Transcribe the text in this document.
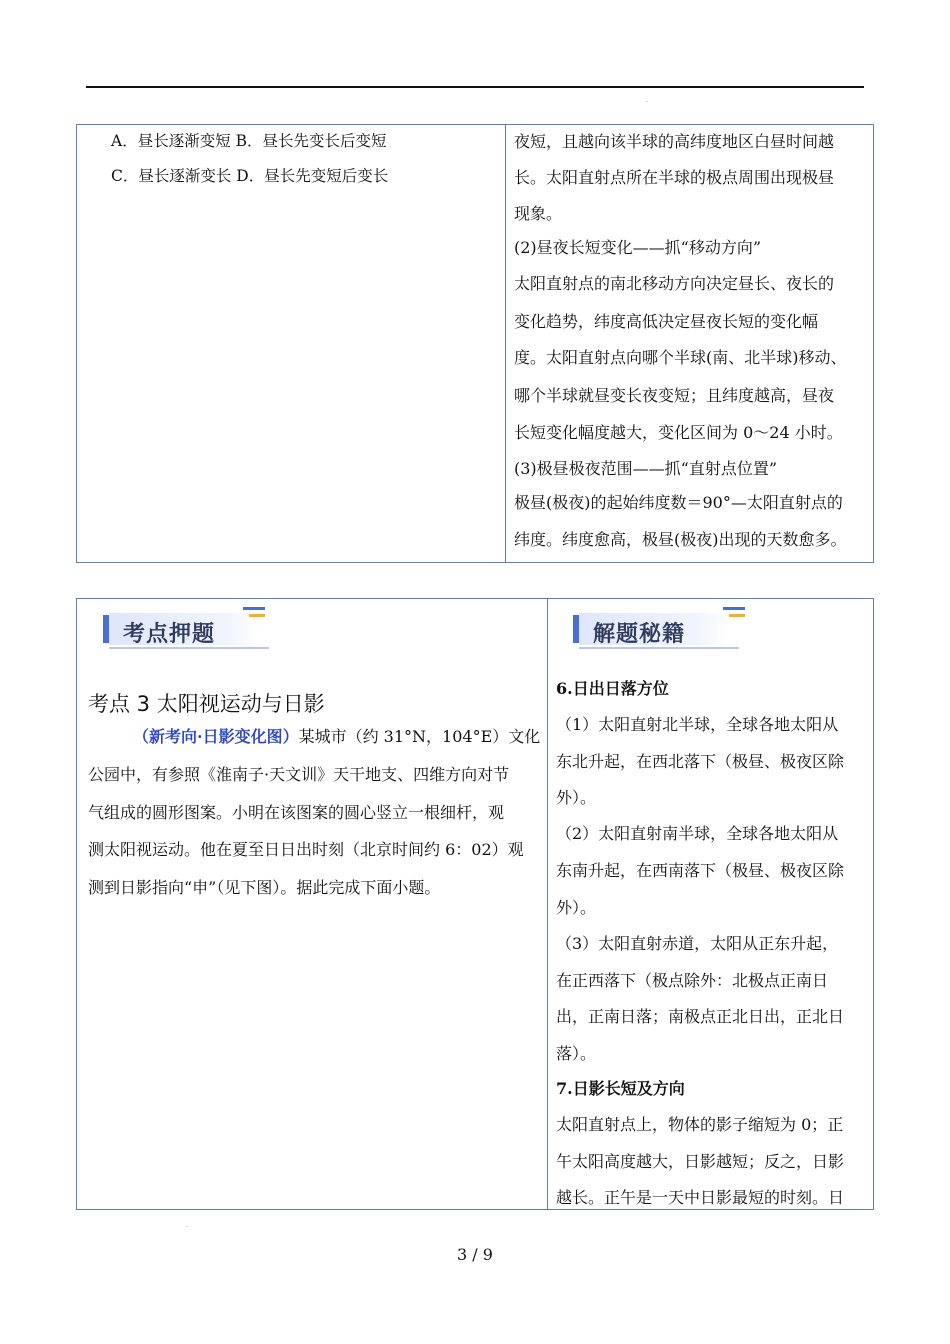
.
A．昼长逐渐变短 B．昼长先变长后变短
C．昼长逐渐变长 D．昼长先变短后变长
夜短，且越向该半球的高纬度地区白昼时间越
长。太阳直射点所在半球的极点周围出现极昼
现象。
(2)昼夜长短变化——抓“移动方向”
太阳直射点的南北移动方向决定昼长、夜长的
变化趋势，纬度高低决定昼夜长短的变化幅
度。太阳直射点向哪个半球(南、北半球)移动、
哪个半球就昼变长夜变短；且纬度越高，昼夜
长短变化幅度越大，变化区间为 0～24 小时。
(3)极昼极夜范围——抓“直射点位置”
极昼(极夜)的起始纬度数＝90°—太阳直射点的
纬度。纬度愈高，极昼(极夜)出现的天数愈多。
考点押题
考点 3 太阳视运动与日影
（新考向·日影变化图）某城市（约 31°N，104°E）文化
公园中，有参照《淮南子·天文训》天干地支、四维方向对节
气组成的圆形图案。小明在该图案的圆心竖立一根细杆，观
测太阳视运动。他在夏至日日出时刻（北京时间约 6：02）观
测到日影指向“申”（见下图）。据此完成下面小题。
解题秘籍
6.日出日落方位
（1）太阳直射北半球，全球各地太阳从
东北升起，在西北落下（极昼、极夜区除
外）。
（2）太阳直射南半球，全球各地太阳从
东南升起，在西南落下（极昼、极夜区除
外）。
（3）太阳直射赤道，太阳从正东升起，
在正西落下（极点除外：北极点正南日
出，正南日落；南极点正北日出，正北日
落）。
7.日影长短及方向
太阳直射点上，物体的影子缩短为 0；正
午太阳高度越大，日影越短；反之，日影
越长。正午是一天中日影最短的时刻。日
.
3 / 9
